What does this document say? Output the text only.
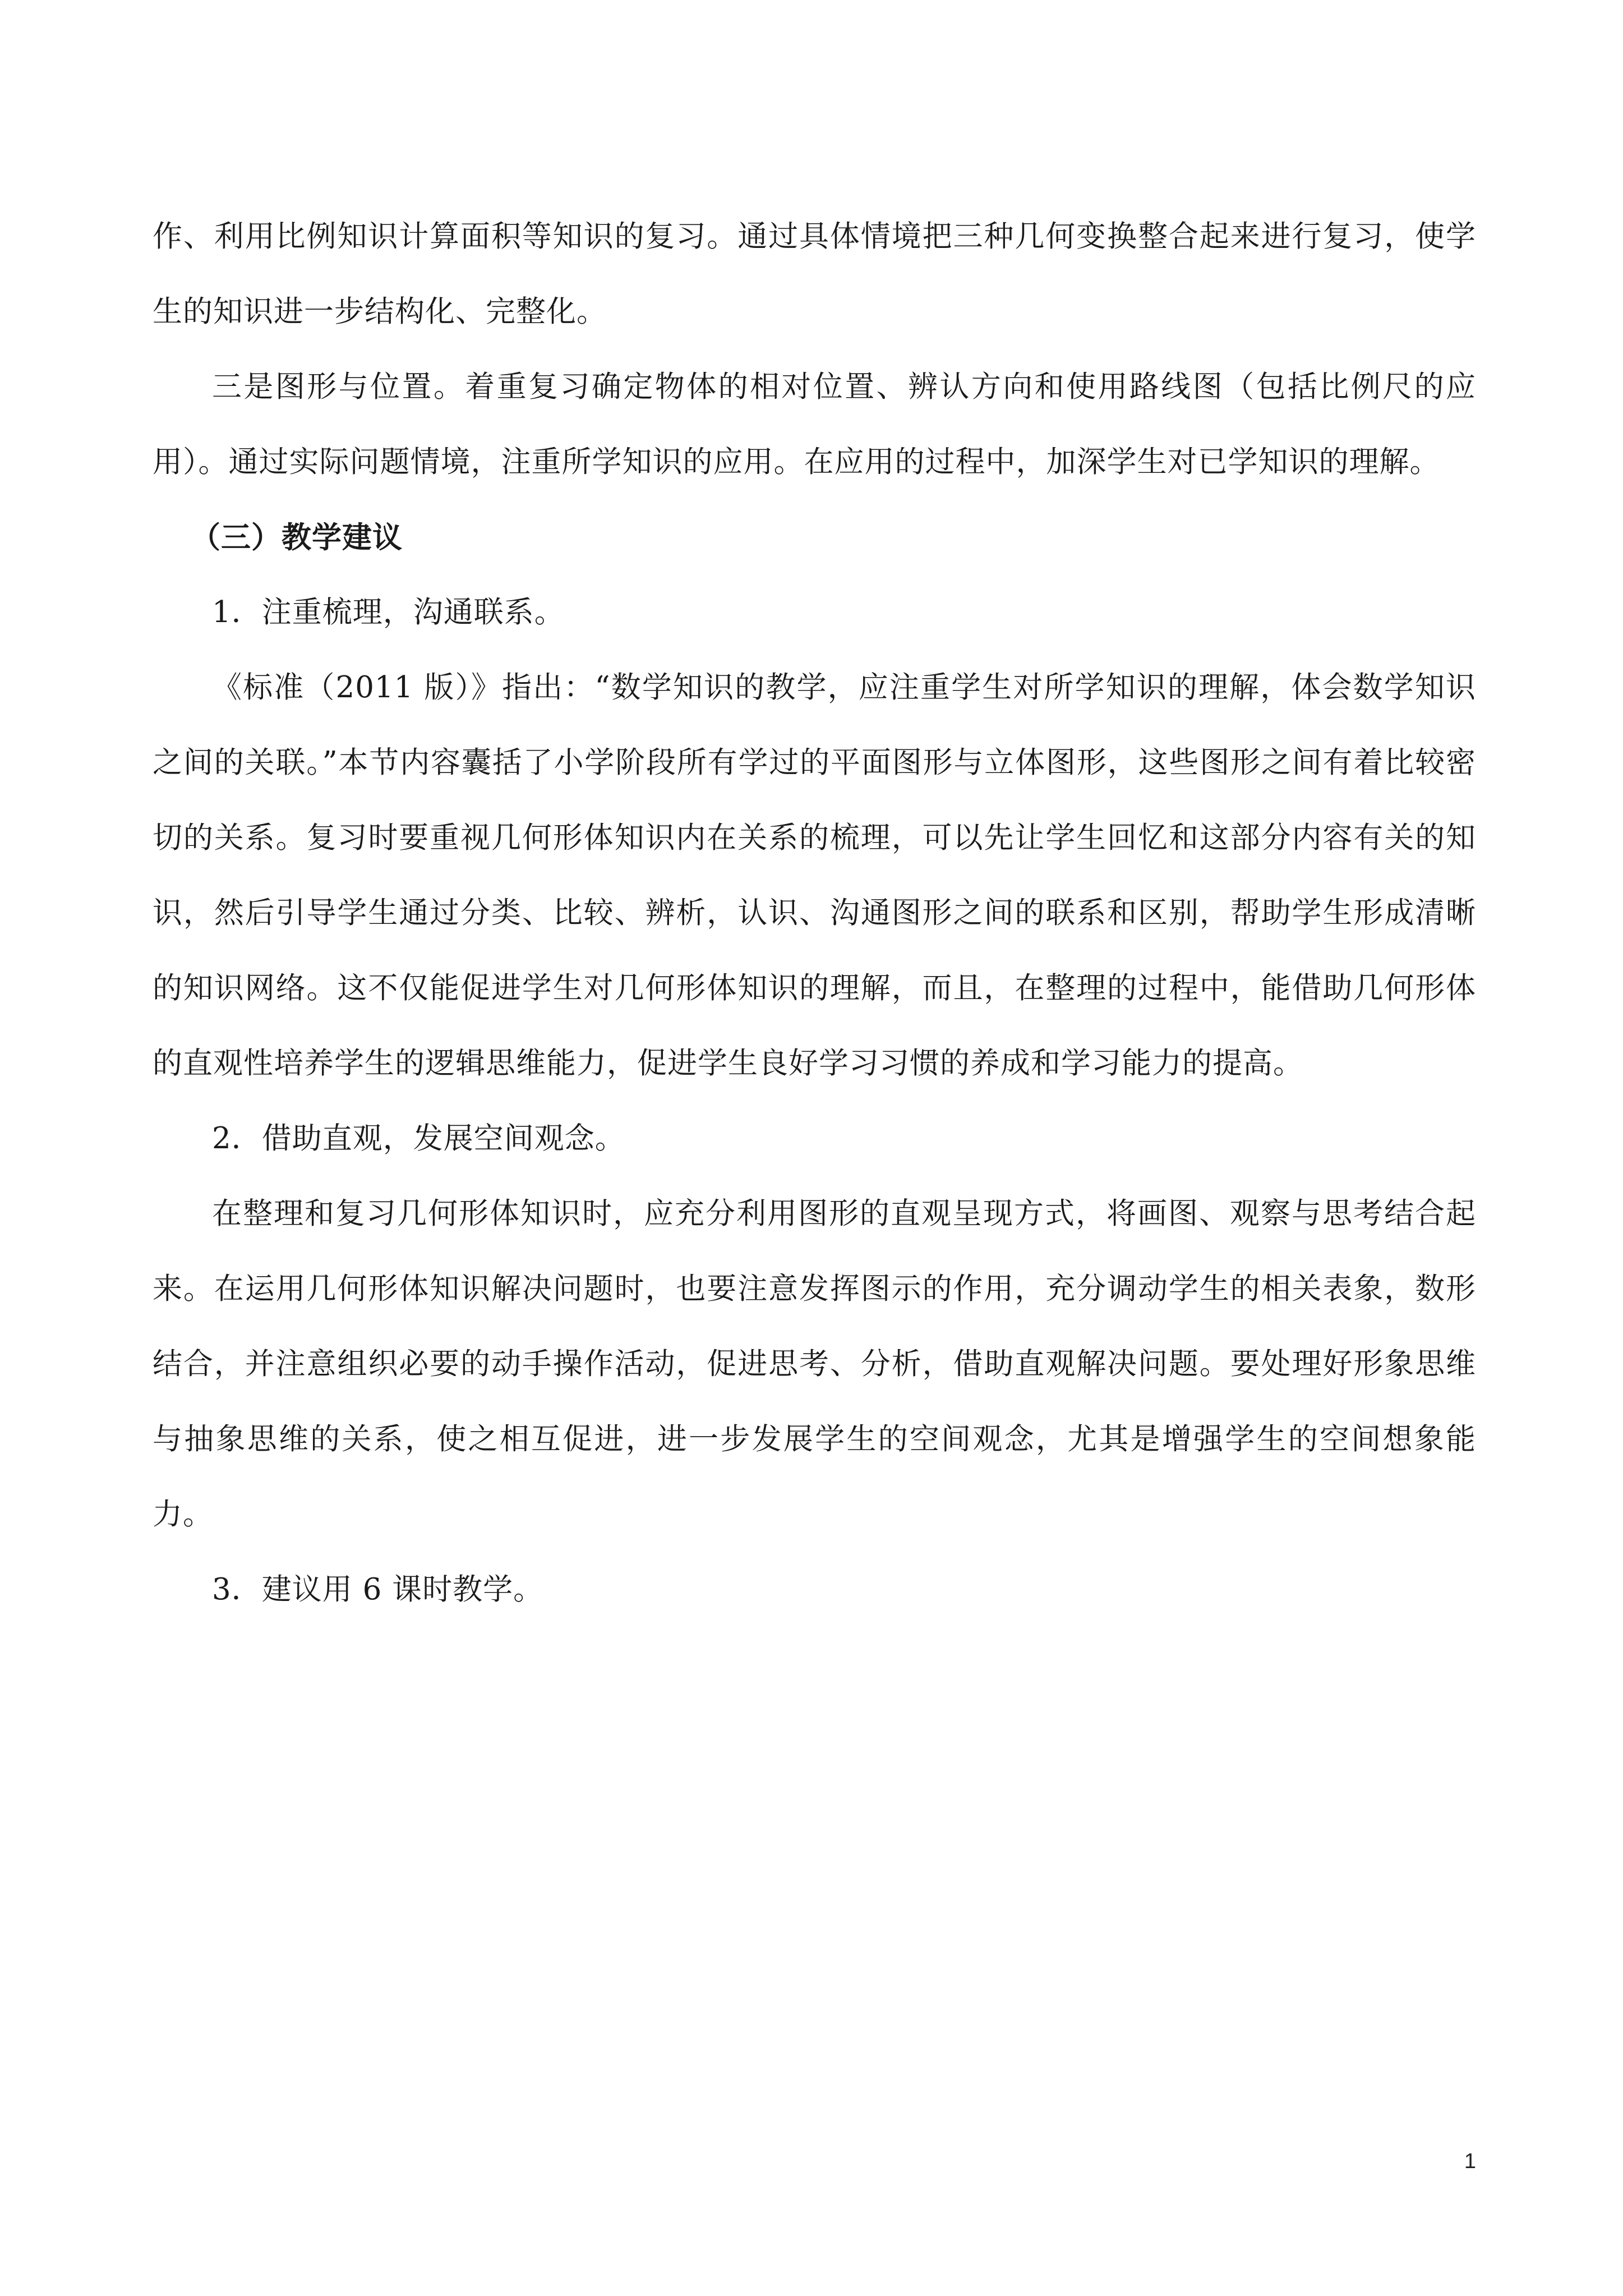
作、利用比例知识计算面积等知识的复习。通过具体情境把三种几何变换整合起来进行复习，使学生的知识进一步结构化、完整化。

三是图形与位置。着重复习确定物体的相对位置、辨认方向和使用路线图（包括比例尺的应用）。通过实际问题情境，注重所学知识的应用。在应用的过程中，加深学生对已学知识的理解。

（三）教学建议

1．注重梳理，沟通联系。

《标准（2011 版）》指出：“数学知识的教学，应注重学生对所学知识的理解，体会数学知识之间的关联。”本节内容囊括了小学阶段所有学过的平面图形与立体图形，这些图形之间有着比较密切的关系。复习时要重视几何形体知识内在关系的梳理，可以先让学生回忆和这部分内容有关的知识，然后引导学生通过分类、比较、辨析，认识、沟通图形之间的联系和区别，帮助学生形成清晰的知识网络。这不仅能促进学生对几何形体知识的理解，而且，在整理的过程中，能借助几何形体的直观性培养学生的逻辑思维能力，促进学生良好学习习惯的养成和学习能力的提高。

2．借助直观，发展空间观念。

在整理和复习几何形体知识时，应充分利用图形的直观呈现方式，将画图、观察与思考结合起来。在运用几何形体知识解决问题时，也要注意发挥图示的作用，充分调动学生的相关表象，数形结合，并注意组织必要的动手操作活动，促进思考、分析，借助直观解决问题。要处理好形象思维与抽象思维的关系，使之相互促进，进一步发展学生的空间观念，尤其是增强学生的空间想象能力。

3．建议用 6 课时教学。

1
